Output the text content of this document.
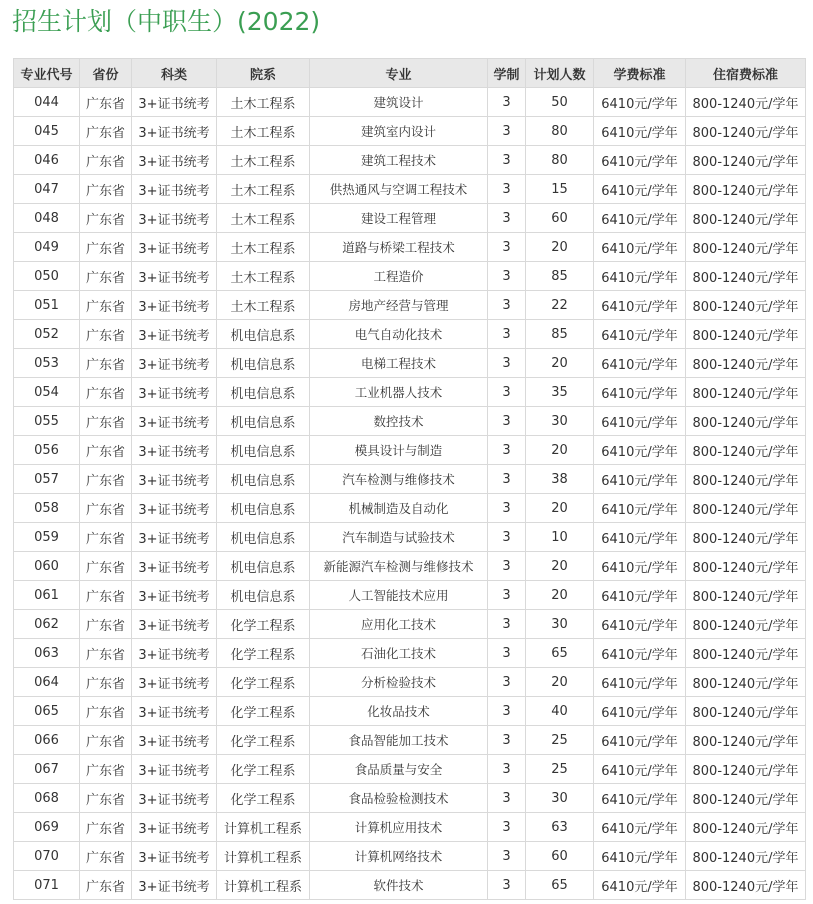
招生计划（中职生）(2022)
专业代号	省份	科类	院系	专业	学制	计划人数	学费标准	住宿费标准
044	广东省	3+证书统考	土木工程系	建筑设计	3	50	6410元/学年	800-1240元/学年
045	广东省	3+证书统考	土木工程系	建筑室内设计	3	80	6410元/学年	800-1240元/学年
046	广东省	3+证书统考	土木工程系	建筑工程技术	3	80	6410元/学年	800-1240元/学年
047	广东省	3+证书统考	土木工程系	供热通风与空调工程技术	3	15	6410元/学年	800-1240元/学年
048	广东省	3+证书统考	土木工程系	建设工程管理	3	60	6410元/学年	800-1240元/学年
049	广东省	3+证书统考	土木工程系	道路与桥梁工程技术	3	20	6410元/学年	800-1240元/学年
050	广东省	3+证书统考	土木工程系	工程造价	3	85	6410元/学年	800-1240元/学年
051	广东省	3+证书统考	土木工程系	房地产经营与管理	3	22	6410元/学年	800-1240元/学年
052	广东省	3+证书统考	机电信息系	电气自动化技术	3	85	6410元/学年	800-1240元/学年
053	广东省	3+证书统考	机电信息系	电梯工程技术	3	20	6410元/学年	800-1240元/学年
054	广东省	3+证书统考	机电信息系	工业机器人技术	3	35	6410元/学年	800-1240元/学年
055	广东省	3+证书统考	机电信息系	数控技术	3	30	6410元/学年	800-1240元/学年
056	广东省	3+证书统考	机电信息系	模具设计与制造	3	20	6410元/学年	800-1240元/学年
057	广东省	3+证书统考	机电信息系	汽车检测与维修技术	3	38	6410元/学年	800-1240元/学年
058	广东省	3+证书统考	机电信息系	机械制造及自动化	3	20	6410元/学年	800-1240元/学年
059	广东省	3+证书统考	机电信息系	汽车制造与试验技术	3	10	6410元/学年	800-1240元/学年
060	广东省	3+证书统考	机电信息系	新能源汽车检测与维修技术	3	20	6410元/学年	800-1240元/学年
061	广东省	3+证书统考	机电信息系	人工智能技术应用	3	20	6410元/学年	800-1240元/学年
062	广东省	3+证书统考	化学工程系	应用化工技术	3	30	6410元/学年	800-1240元/学年
063	广东省	3+证书统考	化学工程系	石油化工技术	3	65	6410元/学年	800-1240元/学年
064	广东省	3+证书统考	化学工程系	分析检验技术	3	20	6410元/学年	800-1240元/学年
065	广东省	3+证书统考	化学工程系	化妆品技术	3	40	6410元/学年	800-1240元/学年
066	广东省	3+证书统考	化学工程系	食品智能加工技术	3	25	6410元/学年	800-1240元/学年
067	广东省	3+证书统考	化学工程系	食品质量与安全	3	25	6410元/学年	800-1240元/学年
068	广东省	3+证书统考	化学工程系	食品检验检测技术	3	30	6410元/学年	800-1240元/学年
069	广东省	3+证书统考	计算机工程系	计算机应用技术	3	63	6410元/学年	800-1240元/学年
070	广东省	3+证书统考	计算机工程系	计算机网络技术	3	60	6410元/学年	800-1240元/学年
071	广东省	3+证书统考	计算机工程系	软件技术	3	65	6410元/学年	800-1240元/学年
